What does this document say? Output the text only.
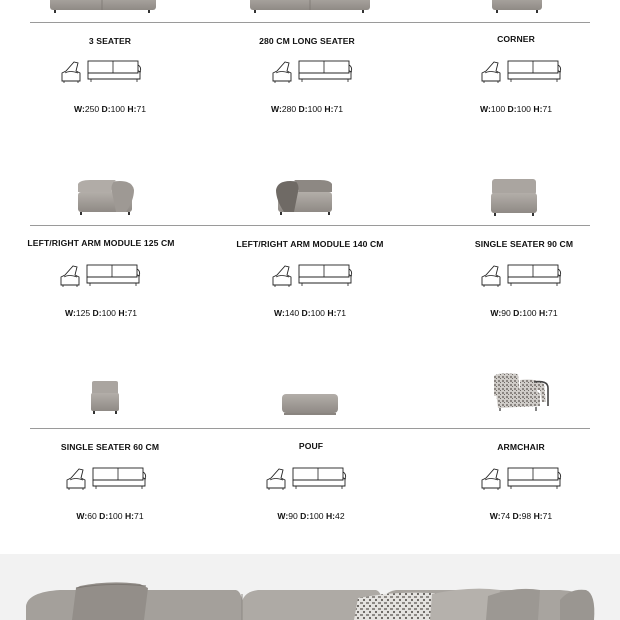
3 SEATER
W:250 D:100 H:71
280 CM LONG SEATER
W:280 D:100 H:71
CORNER
W:100 D:100 H:71
LEFT/RIGHT ARM MODULE 125 CM
W:125 D:100 H:71
LEFT/RIGHT ARM MODULE 140 CM
W:140 D:100 H:71
SINGLE SEATER 90 CM
W:90 D:100 H:71
SINGLE SEATER 60 CM
W:60 D:100 H:71
POUF
W:90 D:100 H:42
ARMCHAIR
W:74 D:98 H:71
